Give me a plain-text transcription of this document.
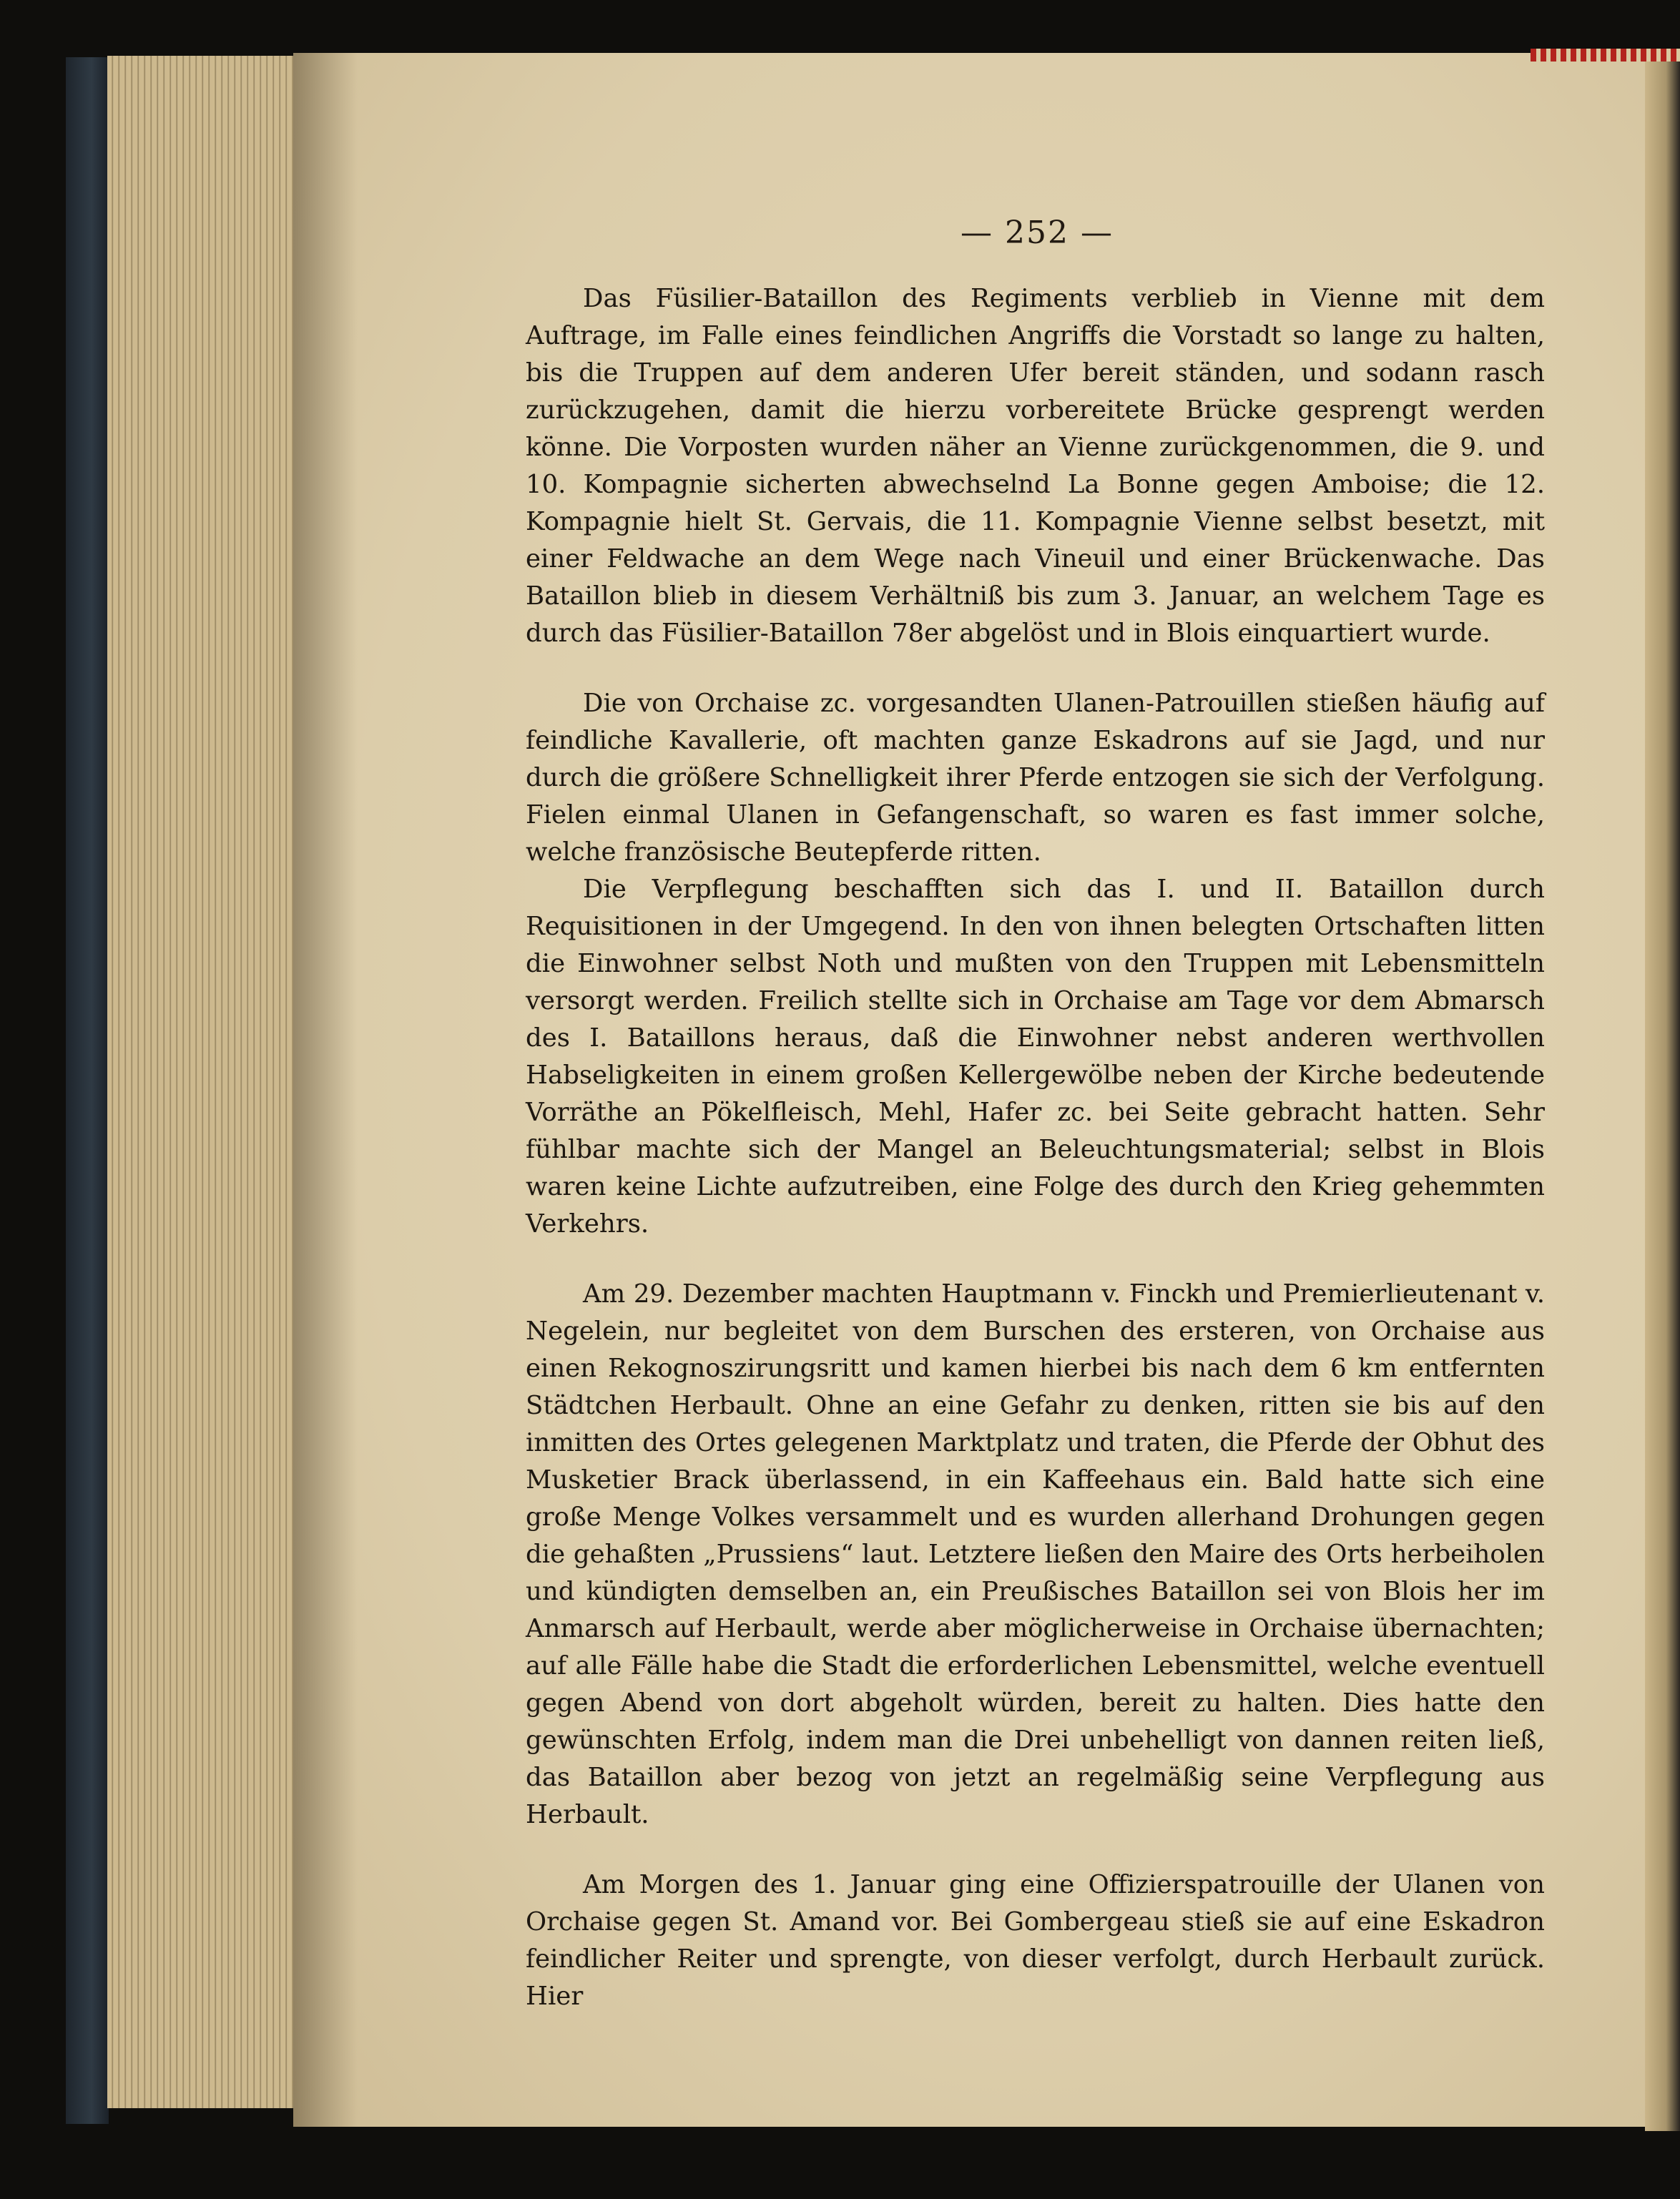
— 252 —

Das Füsilier-Bataillon des Regiments verblieb in Vienne mit dem Auftrage, im Falle eines feindlichen Angriffs die Vorstadt so lange zu halten, bis die Truppen auf dem anderen Ufer bereit ständen, und sodann rasch zurückzugehen, damit die hierzu vorbereitete Brücke gesprengt werden könne. Die Vorposten wurden näher an Vienne zurückgenommen, die 9. und 10. Kompagnie sicherten abwechselnd La Bonne gegen Amboise; die 12. Kompagnie hielt St. Gervais, die 11. Kompagnie Vienne selbst besetzt, mit einer Feldwache an dem Wege nach Vineuil und einer Brückenwache. Das Bataillon blieb in diesem Verhältniß bis zum 3. Januar, an welchem Tage es durch das Füsilier-Bataillon 78er abgelöst und in Blois einquartiert wurde.

Die von Orchaise zc. vorgesandten Ulanen-Patrouillen stießen häufig auf feindliche Kavallerie, oft machten ganze Eskadrons auf sie Jagd, und nur durch die größere Schnelligkeit ihrer Pferde entzogen sie sich der Verfolgung. Fielen einmal Ulanen in Gefangenschaft, so waren es fast immer solche, welche französische Beutepferde ritten.

Die Verpflegung beschafften sich das I. und II. Bataillon durch Requisitionen in der Umgegend. In den von ihnen belegten Ortschaften litten die Einwohner selbst Noth und mußten von den Truppen mit Lebensmitteln versorgt werden. Freilich stellte sich in Orchaise am Tage vor dem Abmarsch des I. Bataillons heraus, daß die Einwohner nebst anderen werthvollen Habseligkeiten in einem großen Kellergewölbe neben der Kirche bedeutende Vorräthe an Pökelfleisch, Mehl, Hafer zc. bei Seite gebracht hatten. Sehr fühlbar machte sich der Mangel an Beleuchtungsmaterial; selbst in Blois waren keine Lichte aufzutreiben, eine Folge des durch den Krieg gehemmten Verkehrs.

Am 29. Dezember machten Hauptmann v. Finckh und Premierlieutenant v. Negelein, nur begleitet von dem Burschen des ersteren, von Orchaise aus einen Rekognoszirungsritt und kamen hierbei bis nach dem 6 km entfernten Städtchen Herbault. Ohne an eine Gefahr zu denken, ritten sie bis auf den inmitten des Ortes gelegenen Marktplatz und traten, die Pferde der Obhut des Musketier Brack überlassend, in ein Kaffeehaus ein. Bald hatte sich eine große Menge Volkes versammelt und es wurden allerhand Drohungen gegen die gehaßten „Prussiens“ laut. Letztere ließen den Maire des Orts herbeiholen und kündigten demselben an, ein Preußisches Bataillon sei von Blois her im Anmarsch auf Herbault, werde aber möglicherweise in Orchaise übernachten; auf alle Fälle habe die Stadt die erforderlichen Lebensmittel, welche eventuell gegen Abend von dort abgeholt würden, bereit zu halten. Dies hatte den gewünschten Erfolg, indem man die Drei unbehelligt von dannen reiten ließ, das Bataillon aber bezog von jetzt an regelmäßig seine Verpflegung aus Herbault.

Am Morgen des 1. Januar ging eine Offizierspatrouille der Ulanen von Orchaise gegen St. Amand vor. Bei Gombergeau stieß sie auf eine Eskadron feindlicher Reiter und sprengte, von dieser verfolgt, durch Herbault zurück. Hier
